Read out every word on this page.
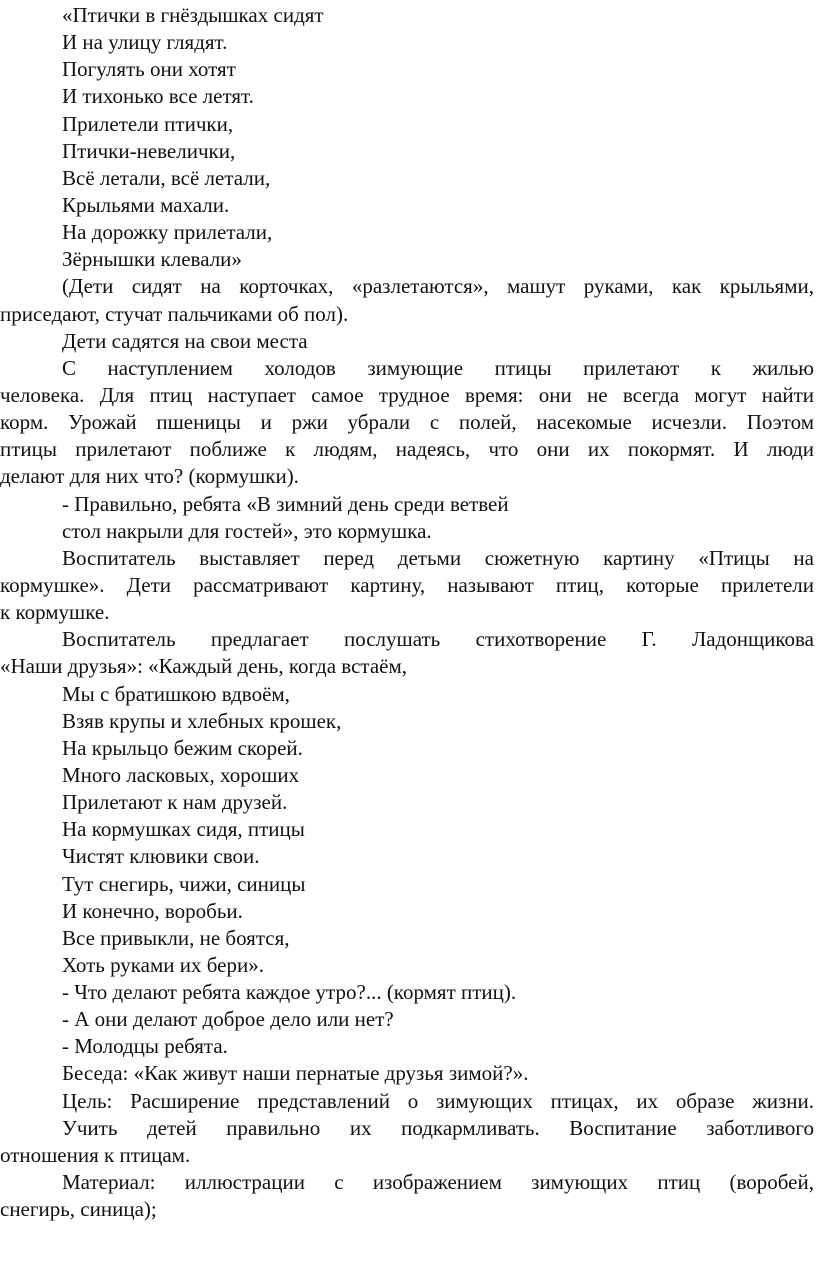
«Птички в гнёздышках сидят
И на улицу глядят.
Погулять они хотят
И тихонько все летят.
Прилетели птички,
Птички-невелички,
Всё летали, всё летали,
Крыльями махали.
На дорожку прилетали,
Зёрнышки клевали»
(Дети сидят на корточках, «разлетаются», машут руками, как крыльями,
приседают, стучат пальчиками об пол).
Дети садятся на свои места
С наступлением холодов зимующие птицы прилетают к жилью
человека. Для птиц наступает самое трудное время: они не всегда могут найти
корм. Урожай пшеницы и ржи убрали с полей, насекомые исчезли. Поэтом
птицы прилетают поближе к людям, надеясь, что они их покормят. И люди
делают для них что? (кормушки).
- Правильно, ребята «В зимний день среди ветвей
стол накрыли для гостей», это кормушка.
Воспитатель выставляет перед детьми сюжетную картину «Птицы на
кормушке». Дети рассматривают картину, называют птиц, которые прилетели
к кормушке.
Воспитатель предлагает послушать стихотворение Г. Ладонщикова
«Наши друзья»: «Каждый день, когда встаём,
Мы с братишкою вдвоём,
Взяв крупы и хлебных крошек,
На крыльцо бежим скорей.
Много ласковых, хороших
Прилетают к нам друзей.
На кормушках сидя, птицы
Чистят клювики свои.
Тут снегирь, чижи, синицы
И конечно, воробьи.
Все привыкли, не боятся,
Хоть руками их бери».
- Что делают ребята каждое утро?... (кормят птиц).
- А они делают доброе дело или нет?
- Молодцы ребята.
Беседа: «Как живут наши пернатые друзья зимой?».
Цель: Расширение представлений о зимующих птицах, их образе жизни.
Учить детей правильно их подкармливать. Воспитание заботливого
отношения к птицам.
Материал: иллюстрации с изображением зимующих птиц (воробей,
снегирь, синица);
